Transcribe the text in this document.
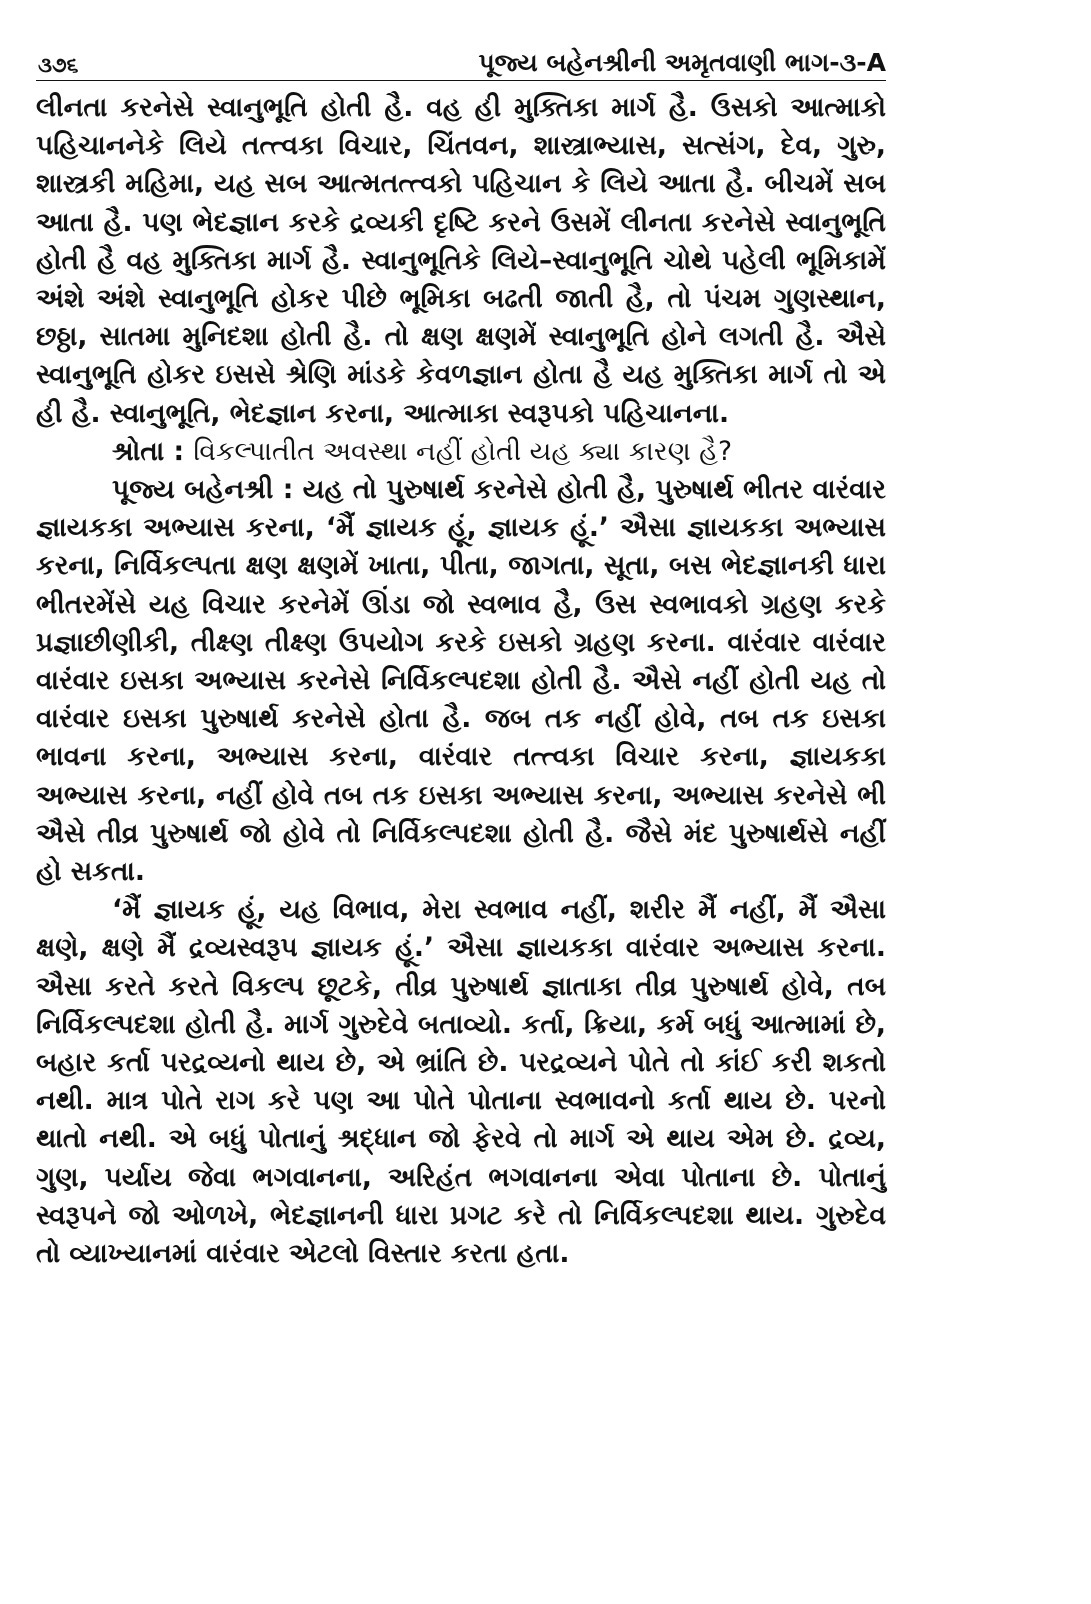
૩૭૬	પૂજ્ય બહેનશ્રીની અમૃતવાણી ભાગ-૩-A

લીનતા કરનેસે સ્વાનુભૂતિ હોતી હૈ. વહ હી મુક્તિકા માર્ગ હૈ. ઉસકો આત્માકો પહિચાનનેકે લિયે તત્ત્વકા વિચાર, ચિંતવન, શાસ્ત્રાભ્યાસ, સત્સંગ, દેવ, ગુરુ, શાસ્ત્રકી મહિમા, યહ સબ આત્મતત્ત્વકો પહિચાન કે લિયે આતા હૈ. બીચમેં સબ આતા હૈ. પણ ભેદજ્ઞાન કરકે દ્રવ્યકી દૃષ્ટિ કરને ઉસમેં લીનતા કરનેસે સ્વાનુભૂતિ હોતી હૈ વહ મુક્તિકા માર્ગ હૈ. સ્વાનુભૂતિકે લિયે–સ્વાનુભૂતિ ચોથે પહેલી ભૂમિકામેં અંશે અંશે સ્વાનુભૂતિ હોકર પીછે ભૂમિકા બઢતી જાતી હૈ, તો પંચમ ગુણસ્થાન, છઠ્ઠા, સાતમા મુનિદશા હોતી હૈ. તો ક્ષણ ક્ષણમેં સ્વાનુભૂતિ હોને લગતી હૈ. ઐસે સ્વાનુભૂતિ હોકર ઇસસે શ્રેણિ માંડકે કેવળજ્ઞાન હોતા હૈ યહ મુક્તિકા માર્ગ તો એ હી હૈ. સ્વાનુભૂતિ, ભેદજ્ઞાન કરના, આત્માકા સ્વરૂપકો પહિચાનના.

શ્રોતા : વિકલ્પાતીત અવસ્થા નહીં હોતી યહ ક્યા કારણ હૈ?

પૂજ્ય બહેનશ્રી : યહ તો પુરુષાર્થ કરનેસે હોતી હૈ, પુરુષાર્થ ભીતર વારંવાર જ્ઞાયકકા અભ્યાસ કરના, ‘મૈં જ્ઞાયક હૂં, જ્ઞાયક હૂં.’ ઐસા જ્ઞાયકકા અભ્યાસ કરના, નિર્વિકલ્પતા ક્ષણ ક્ષણમેં ખાતા, પીતા, જાગતા, સૂતા, બસ ભેદજ્ઞાનકી ધારા ભીતરમેંસે યહ વિચાર કરનેમેં ઊંડા જો સ્વભાવ હૈ, ઉસ સ્વભાવકો ગ્રહણ કરકે પ્રજ્ઞાછીણીકી, તીક્ષ્ણ તીક્ષ્ણ ઉપયોગ કરકે ઇસકો ગ્રહણ કરના. વારંવાર વારંવાર વારંવાર ઇસકા અભ્યાસ કરનેસે નિર્વિકલ્પદશા હોતી હૈ. ઐસે નહીં હોતી યહ તો વારંવાર ઇસકા પુરુષાર્થ કરનેસે હોતા હૈ. જબ તક નહીં હોવે, તબ તક ઇસકા ભાવના કરના, અભ્યાસ કરના, વારંવાર તત્ત્વકા વિચાર કરના, જ્ઞાયકકા અભ્યાસ કરના, નહીં હોવે તબ તક ઇસકા અભ્યાસ કરના, અભ્યાસ કરનેસે ભી ઐસે તીવ્ર પુરુષાર્થ જો હોવે તો નિર્વિકલ્પદશા હોતી હૈ. જૈસે મંદ પુરુષાર્થસે નહીં હો સકતા.

‘મૈં જ્ઞાયક હૂં, યહ વિભાવ, મેરા સ્વભાવ નહીં, શરીર મૈં નહીં, મૈં ઐસા ક્ષણે, ક્ષણે મૈં દ્રવ્યસ્વરૂપ જ્ઞાયક હૂં.’ ઐસા જ્ઞાયકકા વારંવાર અભ્યાસ કરના. ઐસા કરતે કરતે વિકલ્પ છૂટકે, તીવ્ર પુરુષાર્થ જ્ઞાતાકા તીવ્ર પુરુષાર્થ હોવે, તબ નિર્વિકલ્પદશા હોતી હૈ. માર્ગ ગુરુદેવે બતાવ્યો. કર્તા, ક્રિયા, કર્મ બધું આત્મામાં છે, બહાર કર્તા પરદ્રવ્યનો થાય છે, એ ભ્રાંતિ છે. પરદ્રવ્યને પોતે તો કાંઈ કરી શકતો નથી. માત્ર પોતે રાગ કરે પણ આ પોતે પોતાના સ્વભાવનો કર્તા થાય છે. પરનો થાતો નથી. એ બધું પોતાનું શ્રદ્ધાન જો ફેરવે તો માર્ગ એ થાય એમ છે. દ્રવ્ય, ગુણ, પર્યાય જેવા ભગવાનના, અરિહંત ભગવાનના એવા પોતાના છે. પોતાનું સ્વરૂપને જો ઓળખે, ભેદજ્ઞાનની ધારા પ્રગટ કરે તો નિર્વિકલ્પદશા થાય. ગુરુદેવ તો વ્યાખ્યાનમાં વારંવાર એટલો વિસ્તાર કરતા હતા.
